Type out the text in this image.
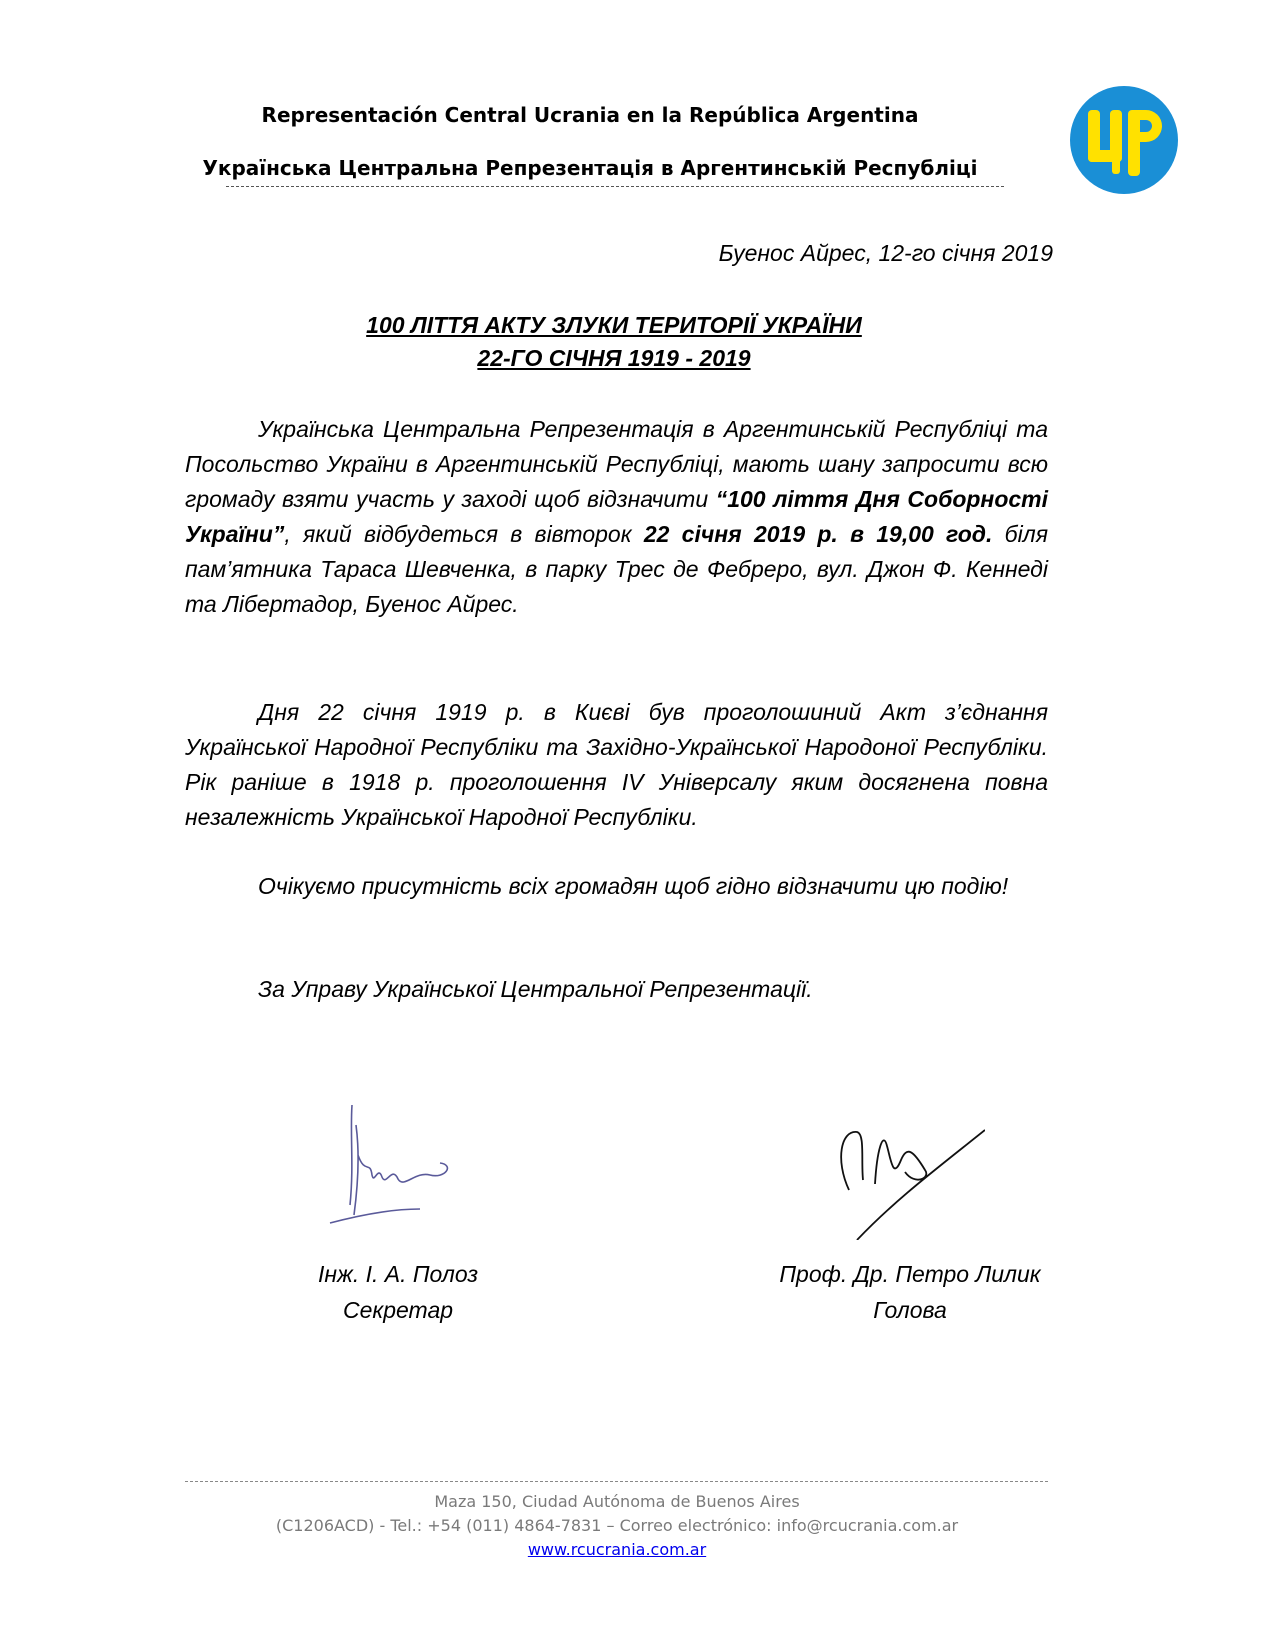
Representación Central Ucrania en la República Argentina
Українська Центральна Репрезентація в Аргентинській Республіці
Буенос Айрес, 12-го січня 2019
100 ЛІТТЯ АКТУ ЗЛУКИ ТЕРИТОРІЇ УКРАЇНИ
22-ГО СІЧНЯ 1919 - 2019
Українська Центральна Репрезентація в Аргентинській Республіці та Посольство України в Аргентинській Республіці, мають шану запросити всю громаду взяти участь у заході щоб відзначити “100 ліття Дня Соборності України”, який відбудеться в вівторок 22 січня 2019 р. в 19,00 год. біля пам’ятника Тараса Шевченка, в парку Трес де Фебреро, вул. Джон Ф. Кеннеді та Лібертадор, Буенос Айрес.
Дня 22 січня 1919 р. в Києві був проголошиний Акт з’єднання Української Народної Республіки та Західно-Української Народоної Республіки. Рік раніше в 1918 р. проголошення IV Універсалу яким досягнена повна незалежність Української Народної Республіки.
Очікуємо присутність всіх громадян щоб гідно відзначити цю подію!
За Управу Української Центральної Репрезентації.
Інж. І. А. Полоз
Секретар
Проф. Др. Петро Лилик
Голова
Maza 150, Ciudad Autónoma de Buenos Aires
(C1206ACD) - Tel.: +54 (011) 4864-7831 – Correo electrónico: info@rcucrania.com.ar
www.rcucrania.com.ar
